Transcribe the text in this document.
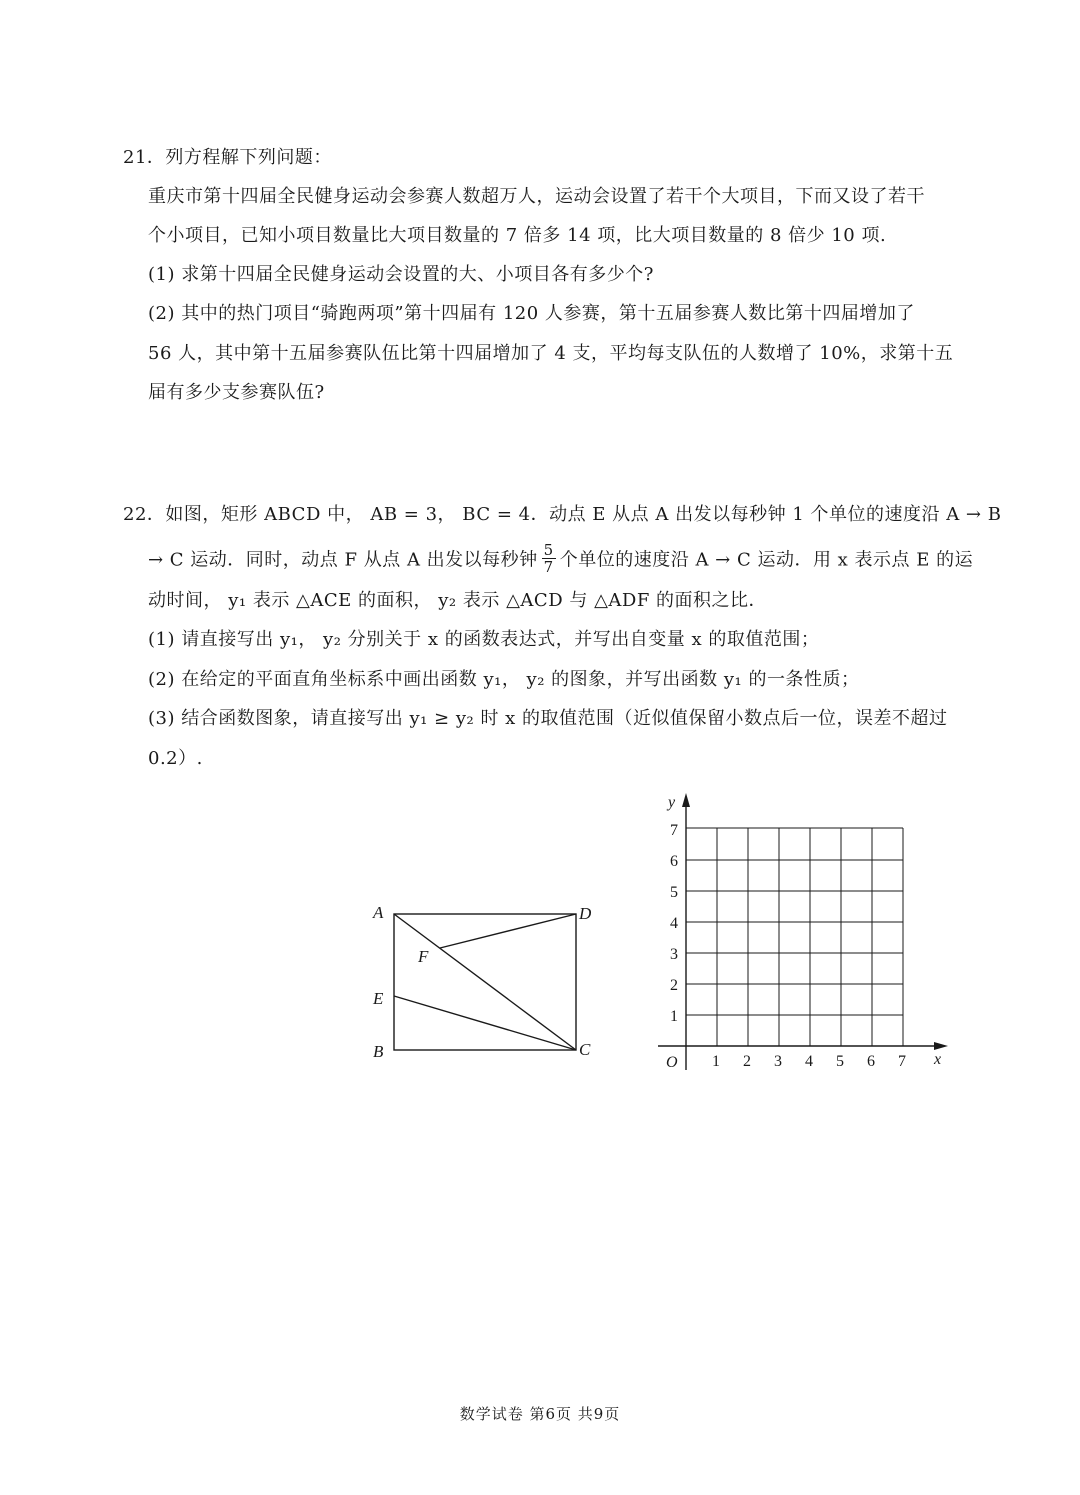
21．列方程解下列问题：
重庆市第十四届全民健身运动会参赛人数超万人，运动会设置了若干个大项目，下而又设了若干
个小项目，已知小项目数量比大项目数量的 7 倍多 14 项，比大项目数量的 8 倍少 10 项.
(1) 求第十四届全民健身运动会设置的大、小项目各有多少个?
(2) 其中的热门项目“骑跑两项”第十四届有 120 人参赛，第十五届参赛人数比第十四届增加了
56 人，其中第十五届参赛队伍比第十四届增加了 4 支，平均每支队伍的人数增了 10%，求第十五
届有多少支参赛队伍?
22．如图，矩形 ABCD 中， AB = 3， BC = 4．动点 E 从点 A 出发以每秒钟 1 个单位的速度沿 A → B
→ C 运动．同时，动点 F 从点 A 出发以每秒钟 $\frac{5}{7}$ 个单位的速度沿 A → C 运动．用 x 表示点 E 的运
动时间， y₁ 表示 △ACE 的面积， y₂ 表示 △ACD 与 △ADF 的面积之比．
(1) 请直接写出 y₁， y₂ 分别关于 x 的函数表达式，并写出自变量 x 的取值范围；
(2) 在给定的平面直角坐标系中画出函数 y₁， y₂ 的图象，并写出函数 y₁ 的一条性质；
(3) 结合函数图象，请直接写出 y₁ ≥ y₂ 时 x 的取值范围（近似值保留小数点后一位，误差不超过
0.2）.
A
B	C
D
E
F
y
x
O 1 2 3 4 5 6 7
1
2
3
4
5
6
7
数学试卷 第6页 共9页
